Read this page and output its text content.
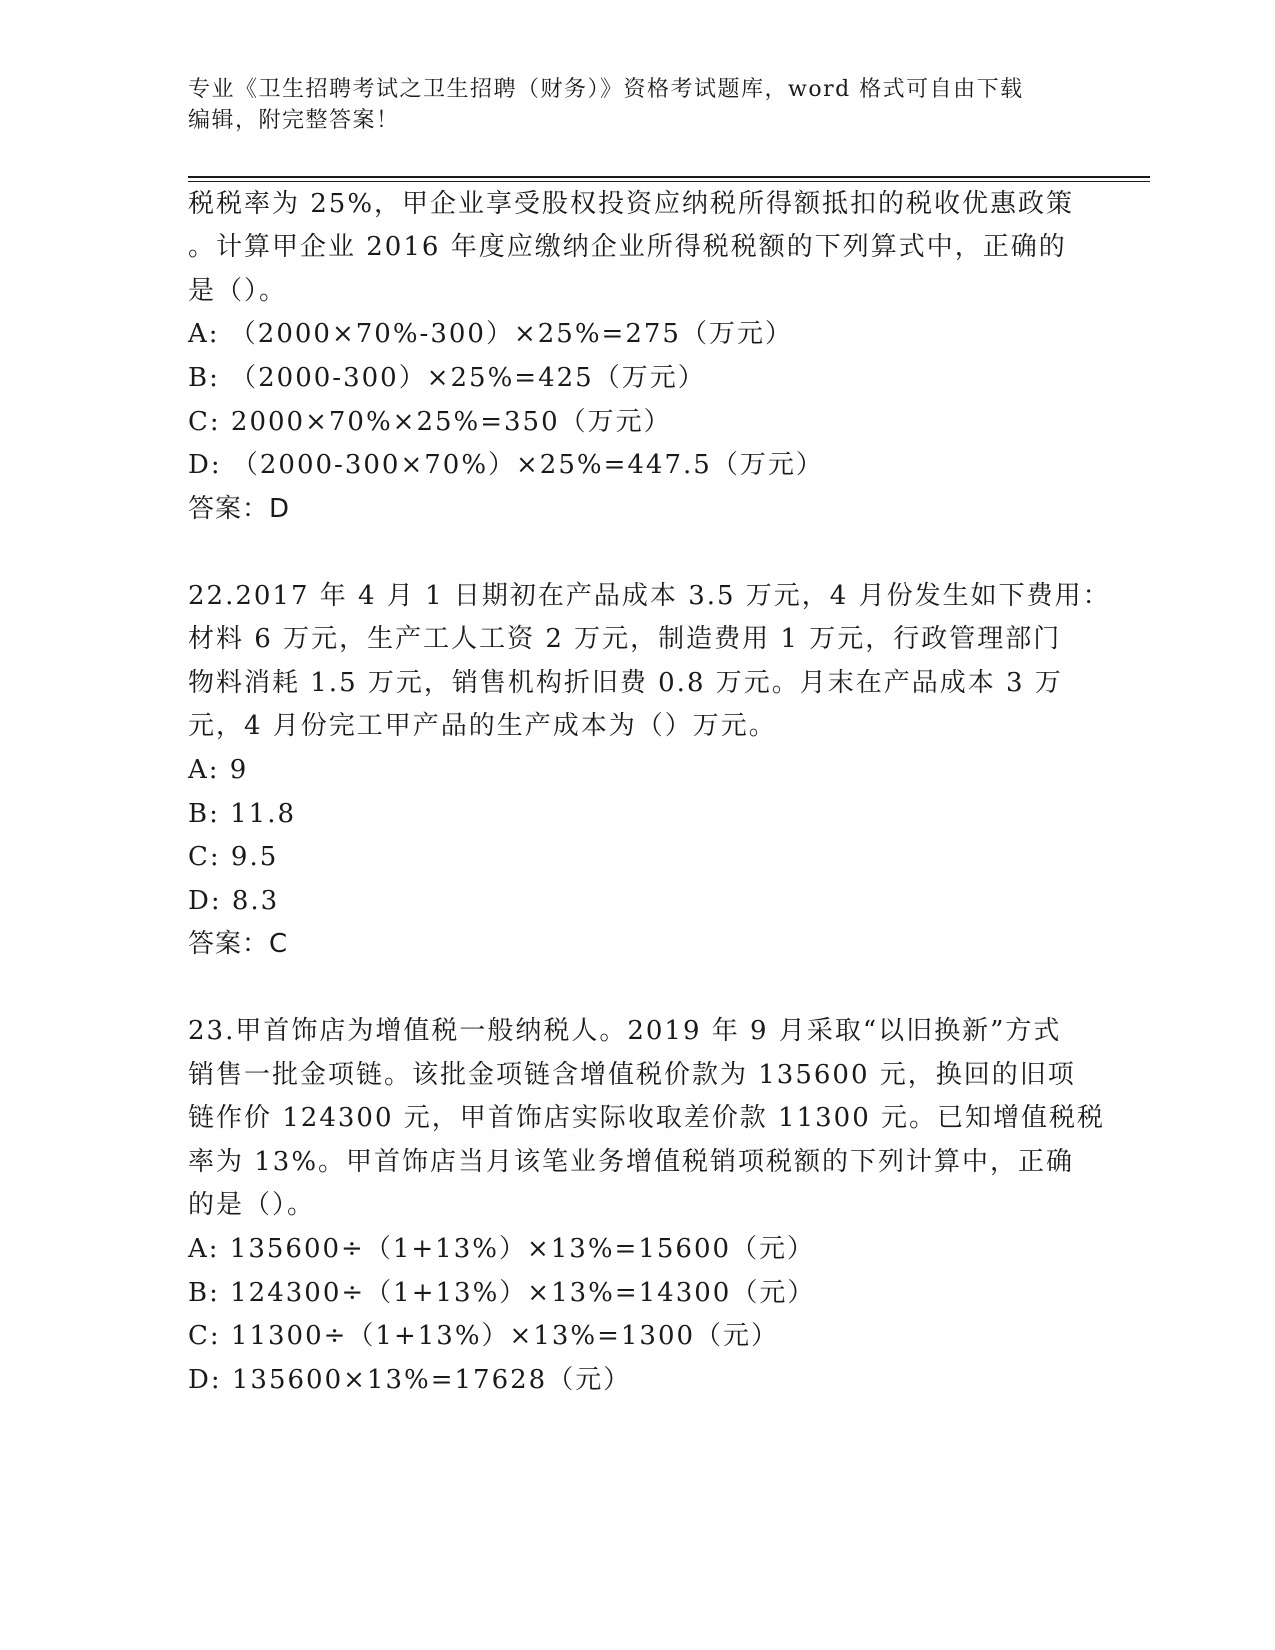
专业《卫生招聘考试之卫生招聘（财务）》资格考试题库，word 格式可自由下载
编辑，附完整答案！
税税率为 25%，甲企业享受股权投资应纳税所得额抵扣的税收优惠政策
。计算甲企业 2016 年度应缴纳企业所得税税额的下列算式中，正确的
是（）。
A: （2000×70%-300）×25%=275（万元）
B: （2000-300）×25%=425（万元）
C: 2000×70%×25%=350（万元）
D: （2000-300×70%）×25%=447.5（万元）
答案：D
22.2017 年 4 月 1 日期初在产品成本 3.5 万元，4 月份发生如下费用：
材料 6 万元，生产工人工资 2 万元，制造费用 1 万元，行政管理部门
物料消耗 1.5 万元，销售机构折旧费 0.8 万元。月末在产品成本 3 万
元，4 月份完工甲产品的生产成本为（）万元。
A: 9
B: 11.8
C: 9.5
D: 8.3
答案：C
23.甲首饰店为增值税一般纳税人。2019 年 9 月采取“以旧换新”方式
销售一批金项链。该批金项链含增值税价款为 135600 元，换回的旧项
链作价 124300 元，甲首饰店实际收取差价款 11300 元。已知增值税税
率为 13%。甲首饰店当月该笔业务增值税销项税额的下列计算中，正确
的是（）。
A: 135600÷（1+13%）×13%=15600（元）
B: 124300÷（1+13%）×13%=14300（元）
C: 11300÷（1+13%）×13%=1300（元）
D: 135600×13%=17628（元）
